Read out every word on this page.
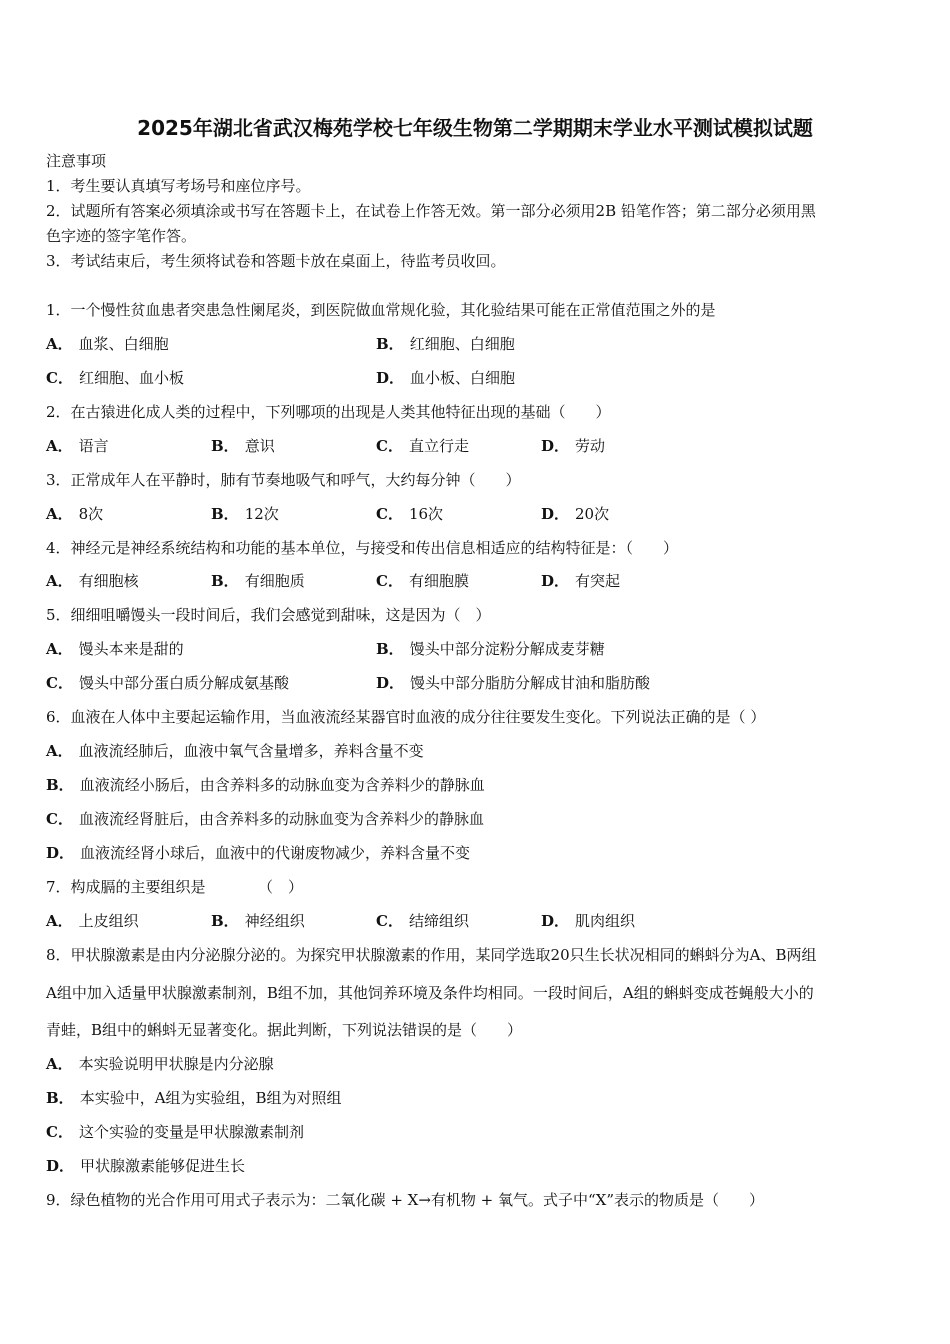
2025年湖北省武汉梅苑学校七年级生物第二学期期末学业水平测试模拟试题
注意事项
1．考生要认真填写考场号和座位序号。
2．试题所有答案必须填涂或书写在答题卡上，在试卷上作答无效。第一部分必须用2B 铅笔作答；第二部分必须用黑
色字迹的签字笔作答。
3．考试结束后，考生须将试卷和答题卡放在桌面上，待监考员收回。
1．一个慢性贫血患者突患急性阑尾炎，到医院做血常规化验，其化验结果可能在正常值范围之外的是
A． 血浆、白细胞	B． 红细胞、白细胞
C． 红细胞、血小板	D． 血小板、白细胞
2．在古猿进化成人类的过程中，下列哪项的出现是人类其他特征出现的基础（　　）
A． 语言	B． 意识	C． 直立行走	D． 劳动
3．正常成年人在平静时，肺有节奏地吸气和呼气，大约每分钟（　　）
A． 8次	B． 12次	C． 16次	D． 20次
4．神经元是神经系统结构和功能的基本单位，与接受和传出信息相适应的结构特征是：（　　）
A． 有细胞核	B． 有细胞质	C． 有细胞膜	D． 有突起
5．细细咀嚼馒头一段时间后，我们会感觉到甜味，这是因为（　）
A． 馒头本来是甜的	B． 馒头中部分淀粉分解成麦芽糖
C． 馒头中部分蛋白质分解成氨基酸	D． 馒头中部分脂肪分解成甘油和脂肪酸
6．血液在人体中主要起运输作用，当血液流经某器官时血液的成分往往要发生变化。下列说法正确的是（ ）
A． 血液流经肺后，血液中氧气含量增多，养料含量不变
B． 血液流经小肠后，由含养料多的动脉血变为含养料少的静脉血
C． 血液流经肾脏后，由含养料多的动脉血变为含养料少的静脉血
D． 血液流经肾小球后，血液中的代谢废物减少，养料含量不变
7．构成膈的主要组织是　　　　（　）
A． 上皮组织	B． 神经组织	C． 结缔组织	D． 肌肉组织
8．甲状腺激素是由内分泌腺分泌的。为探究甲状腺激素的作用，某同学选取20只生长状况相同的蝌蚪分为A、B两组
A组中加入适量甲状腺激素制剂，B组不加，其他饲养环境及条件均相同。一段时间后，A组的蝌蚪变成苍蝇般大小的
青蛙，B组中的蝌蚪无显著变化。据此判断，下列说法错误的是（　　）
A． 本实验说明甲状腺是内分泌腺
B． 本实验中，A组为实验组，B组为对照组
C． 这个实验的变量是甲状腺激素制剂
D． 甲状腺激素能够促进生长
9．绿色植物的光合作用可用式子表示为：二氧化碳 + X→有机物 + 氧气。式子中“X”表示的物质是（　　）
